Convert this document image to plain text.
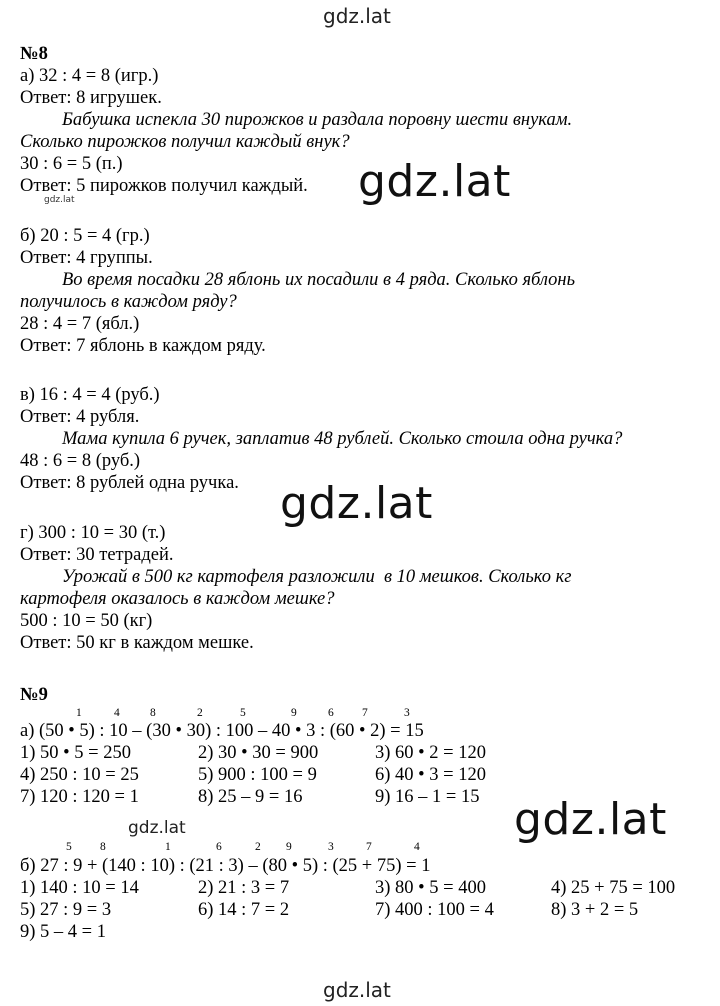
gdz.lat
gdz.lat
gdz.lat
gdz.lat
gdz.lat	gdz.lat
gdz.lat
№8
а) 32 : 4 = 8 (игр.)
Ответ: 8 игрушек.
Бабушка испекла 30 пирожков и раздала поровну шести внукам.
Сколько пирожков получил каждый внук?
30 : 6 = 5 (п.)
Ответ: 5 пирожков получил каждый.
б) 20 : 5 = 4 (гр.)
Ответ: 4 группы.
Во время посадки 28 яблонь их посадили в 4 ряда. Сколько яблонь
получилось в каждом ряду?
28 : 4 = 7 (ябл.)
Ответ: 7 яблонь в каждом ряду.
в) 16 : 4 = 4 (руб.)
Ответ: 4 рубля.
Мама купила 6 ручек, заплатив 48 рублей. Сколько стоила одна ручка?
48 : 6 = 8 (руб.)
Ответ: 8 рублей одна ручка.
г) 300 : 10 = 30 (т.)
Ответ: 30 тетрадей.
Урожай в 500 кг картофеля разложили  в 10 мешков. Сколько кг
картофеля оказалось в каждом мешке?
500 : 10 = 50 (кг)
Ответ: 50 кг в каждом мешке.
№9
1	4	8	2	5	9	6 7	3
а) (50 • 5) : 10 – (30 • 30) : 100 – 40 • 3 : (60 • 2) = 15
1) 50 • 5 = 250	2) 30 • 30 = 900	3) 60 • 2 = 120
4) 250 : 10 = 25	5) 900 : 100 = 9	6) 40 • 3 = 120
7) 120 : 120 = 1	8) 25 – 9 = 16	9) 16 – 1 = 15
5 8	1	6	2 9	3	7	4
б) 27 : 9 + (140 : 10) : (21 : 3) – (80 • 5) : (25 + 75) = 1
1) 140 : 10 = 14	2) 21 : 3 = 7	3) 80 • 5 = 400	4) 25 + 75 = 100
5) 27 : 9 = 3	6) 14 : 7 = 2	7) 400 : 100 = 4	8) 3 + 2 = 5
9) 5 – 4 = 1
